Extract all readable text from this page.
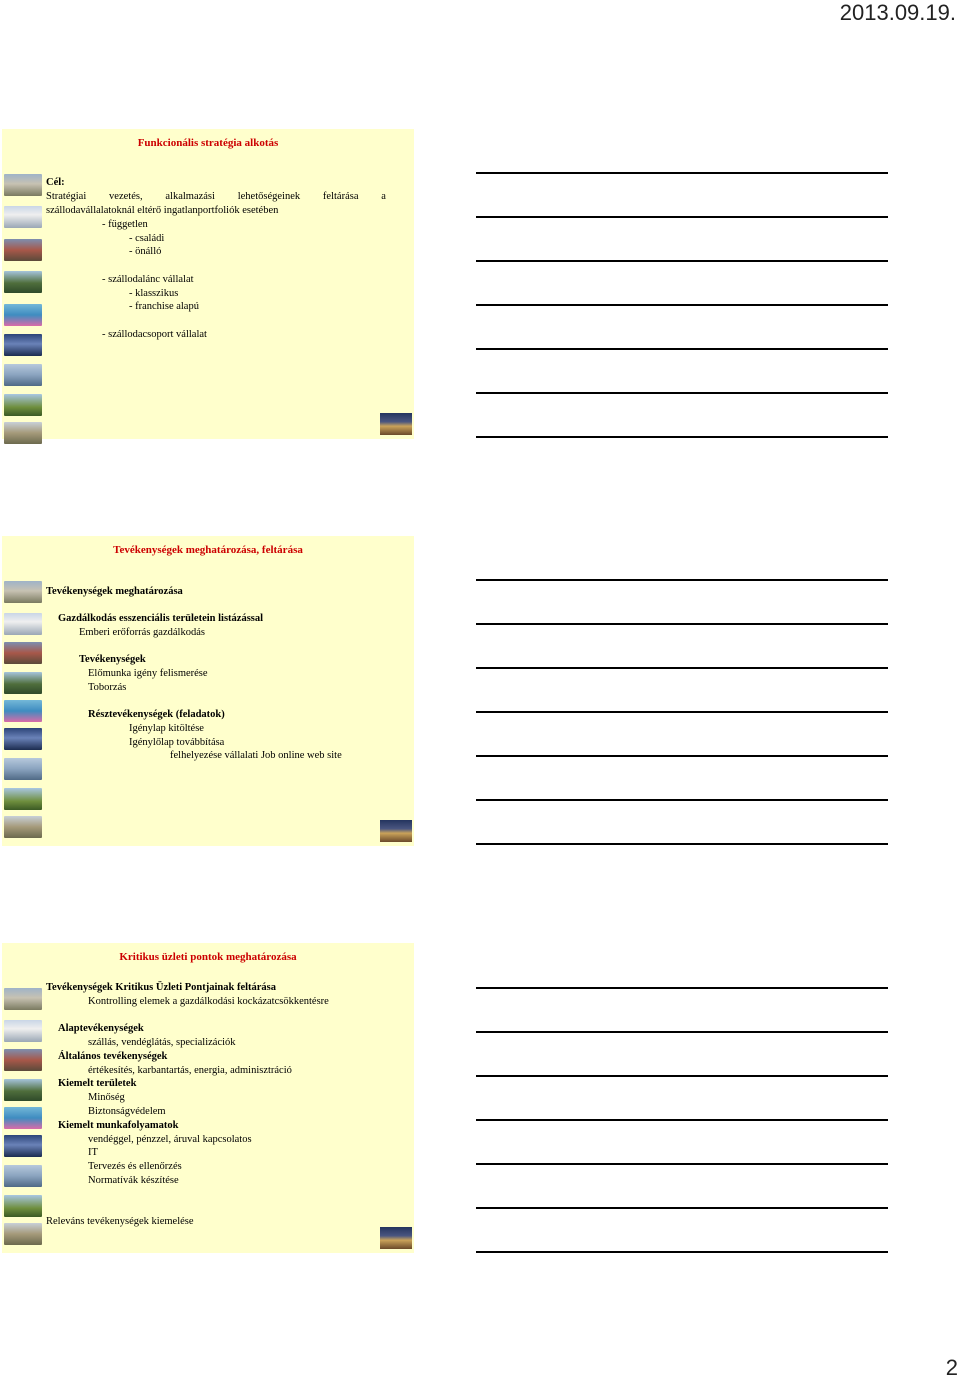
2013.09.19.
Funkcionális stratégia alkotás
Cél:
Stratégiai vezetés, alkalmazási lehetőségeinek feltárása a
szállodavállalatoknál eltérő ingatlanportfoliók esetében
- független
- családi
- önálló
- szállodalánc vállalat
- klasszikus
- franchise alapú
- szállodacsoport vállalat
Tevékenységek meghatározása, feltárása
Tevékenységek meghatározása
Gazdálkodás esszenciális területein listázással
Emberi erőforrás gazdálkodás
Tevékenységek
Előmunka igény felismerése
Toborzás
Résztevékenységek (feladatok)
Igénylap kitöltése
Igénylőlap továbbítása
felhelyezése vállalati Job online web site
Kritikus üzleti pontok meghatározása
Tevékenységek Kritikus Üzleti Pontjainak feltárása
Kontrolling elemek a gazdálkodási kockázatcsökkentésre
Alaptevékenységek
szállás, vendéglátás, specializációk
Általános tevékenységek
értékesítés, karbantartás, energia, adminisztráció
Kiemelt területek
Minőség
Biztonságvédelem
Kiemelt munkafolyamatok
vendéggel, pénzzel, áruval kapcsolatos
IT
Tervezés és ellenőrzés
Normatívák készítése
Releváns tevékenységek kiemelése
2
